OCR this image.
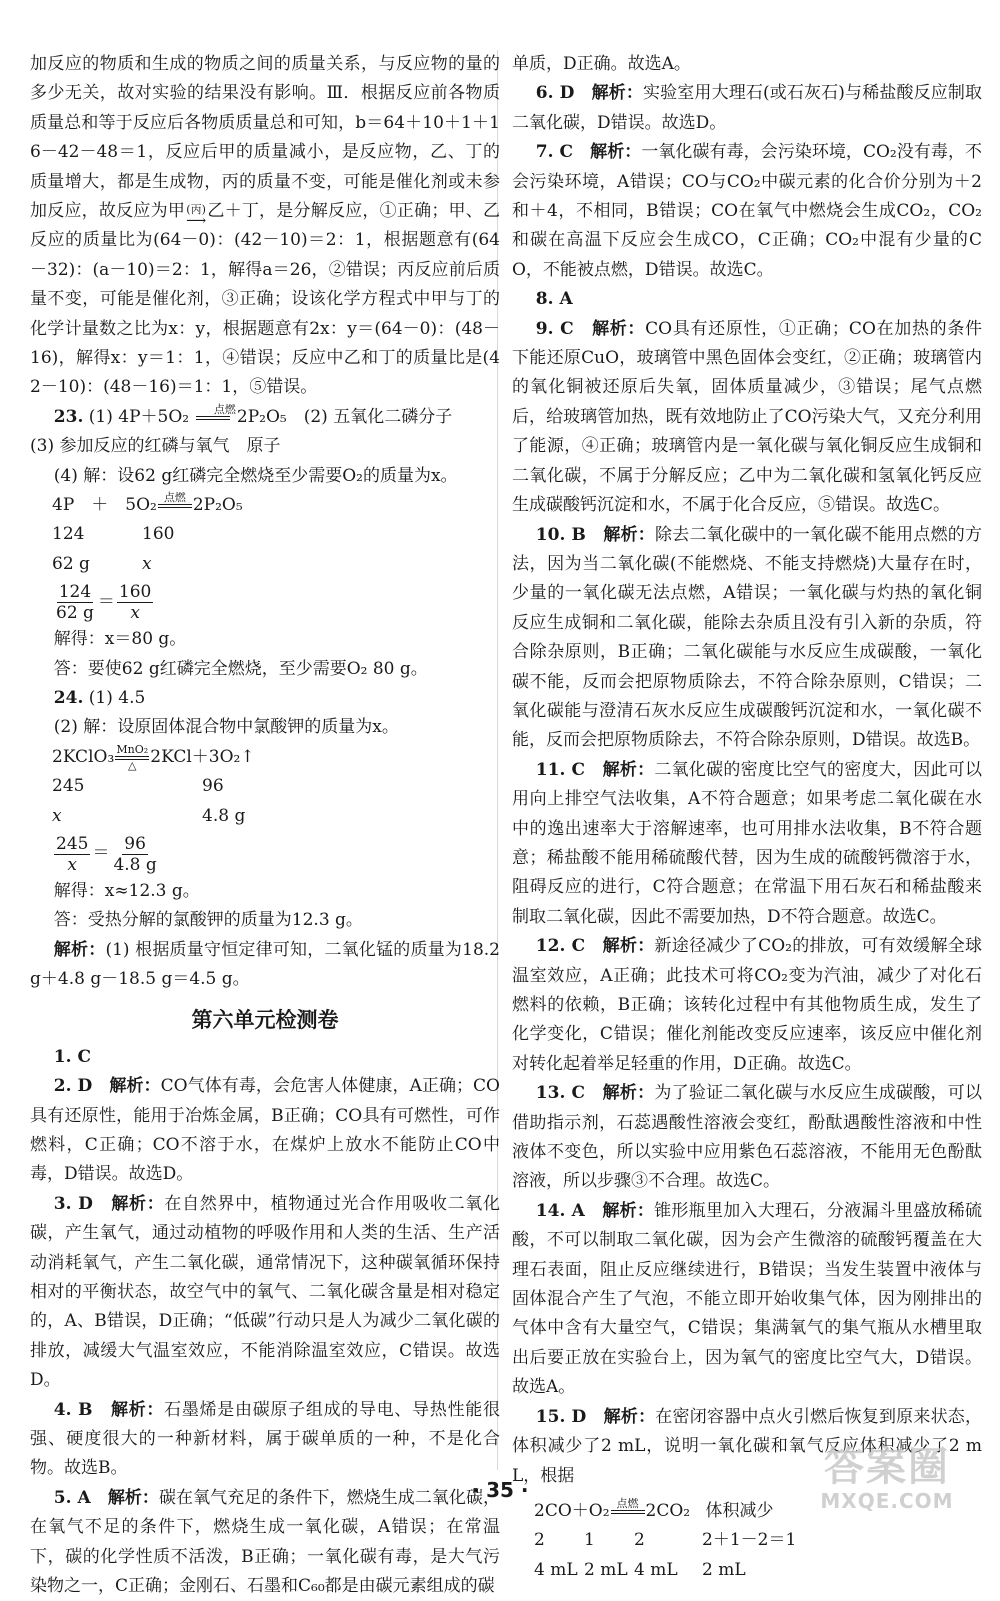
加反应的物质和生成的物质之间的质量关系，与反应物的量的多少无关，故对实验的结果没有影响。Ⅲ．根据反应前各物质质量总和等于反应后各物质质量总和可知，b＝64＋10＋1＋16－42－48＝1，反应后甲的质量减小，是反应物，乙、丁的质量增大，都是生成物，丙的质量不变，可能是催化剂或未参加反应，故反应为甲 (丙)
⟶
乙＋丁，是分解反应，①正确；甲、乙反应的质量比为(64－0)：(42－10)＝2：1，根据题意有(64－32)：(a－10)＝2：1，解得a＝26，②错误；丙反应前后质量不变，可能是催化剂，③正确；设该化学方程式中甲与丁的化学计量数之比为x：y，根据题意有2x：y＝(64－0)：(48－16)，解得x：y＝1：1，④错误；反应中乙和丁的质量比是(42－10)：(48－16)＝1：1，⑤错误。

23. (1) 4P＋5O₂	点燃
2P₂O₅　(2) 五氧化二磷分子

(3) 参加反应的红磷与氧气　原子

(4) 解：设62 g红磷完全燃烧至少需要O₂的质量为x。

4P　＋　5O₂ 点燃
2P₂O₅
124	160
62 g	x
$\frac{124}{62 g} = \frac{160}{x}$

解得：x＝80 g。

答：要使62 g红磷完全燃烧，至少需要O₂ 80 g。

24. (1) 4.5

(2) 解：设原固体混合物中氯酸钾的质量为x。

2KClO₃ MnO₂
△ 2KCl＋3O₂↑
245	96
x	4.8 g
$\frac{245}{x} = \frac{96}{4.8 g}$

解得：x≈12.3 g。

答：受热分解的氯酸钾的质量为12.3 g。

解析：(1) 根据质量守恒定律可知，二氧化锰的质量为18.2 g＋4.8 g－18.5 g＝4.5 g。

第六单元检测卷

1. C

2. D　 解析：CO气体有毒，会危害人体健康，A正确；CO具有还原性，能用于冶炼金属，B正确；CO具有可燃性，可作燃料，C正确；CO不溶于水，在煤炉上放水不能防止CO中毒，D错误。故选D。

3. D　 解析：在自然界中，植物通过光合作用吸收二氧化碳，产生氧气，通过动植物的呼吸作用和人类的生活、生产活动消耗氧气，产生二氧化碳，通常情况下，这种碳氧循环保持相对的平衡状态，故空气中的氧气、二氧化碳含量是相对稳定的，A、B错误，D正确；“低碳”行动只是人为减少二氧化碳的排放，减缓大气温室效应，不能消除温室效应，C错误。故选D。

4. B　 解析：石墨烯是由碳原子组成的导电、导热性能很强、硬度很大的一种新材料，属于碳单质的一种，不是化合物。故选B。

5. A　 解析：碳在氧气充足的条件下，燃烧生成二氧化碳，在氧气不足的条件下，燃烧生成一氧化碳，A错误；在常温下，碳的化学性质不活泼，B正确；一氧化碳有毒，是大气污染物之一，C正确；金刚石、石墨和C₆₀都是由碳元素组成的碳

单质，D正确。故选A。

6. D　 解析：实验室用大理石(或石灰石)与稀盐酸反应制取二氧化碳，D错误。故选D。

7. C　 解析：一氧化碳有毒，会污染环境，CO₂没有毒，不会污染环境，A错误；CO与CO₂中碳元素的化合价分别为＋2和＋4，不相同，B错误；CO在氧气中燃烧会生成CO₂，CO₂和碳在高温下反应会生成CO，C正确；CO₂中混有少量的CO，不能被点燃，D错误。故选C。

8. A

9. C　 解析：CO具有还原性，①正确；CO在加热的条件下能还原CuO，玻璃管中黑色固体会变红，②正确；玻璃管内的氧化铜被还原后失氧，固体质量减少，③错误；尾气点燃后，给玻璃管加热，既有效地防止了CO污染大气，又充分利用了能源，④正确；玻璃管内是一氧化碳与氧化铜反应生成铜和二氧化碳，不属于分解反应；乙中为二氧化碳和氢氧化钙反应生成碳酸钙沉淀和水，不属于化合反应，⑤错误。故选C。

10. B　 解析：除去二氧化碳中的一氧化碳不能用点燃的方法，因为当二氧化碳(不能燃烧、不能支持燃烧)大量存在时，少量的一氧化碳无法点燃，A错误；一氧化碳与灼热的氧化铜反应生成铜和二氧化碳，能除去杂质且没有引入新的杂质，符合除杂原则，B正确；二氧化碳能与水反应生成碳酸，一氧化碳不能，反而会把原物质除去，不符合除杂原则，C错误；二氧化碳能与澄清石灰水反应生成碳酸钙沉淀和水，一氧化碳不能，反而会把原物质除去，不符合除杂原则，D错误。故选B。

11. C　 解析：二氧化碳的密度比空气的密度大，因此可以用向上排空气法收集，A不符合题意；如果考虑二氧化碳在水中的逸出速率大于溶解速率，也可用排水法收集，B不符合题意；稀盐酸不能用稀硫酸代替，因为生成的硫酸钙微溶于水，阻碍反应的进行，C符合题意；在常温下用石灰石和稀盐酸来制取二氧化碳，因此不需要加热，D不符合题意。故选C。

12. C　 解析：新途径减少了CO₂的排放，可有效缓解全球温室效应，A正确；此技术可将CO₂变为汽油，减少了对化石燃料的依赖，B正确；该转化过程中有其他物质生成，发生了化学变化，C错误；催化剂能改变反应速率，该反应中催化剂对转化起着举足轻重的作用，D正确。故选C。

13. C　 解析：为了验证二氧化碳与水反应生成碳酸，可以借助指示剂，石蕊遇酸性溶液会变红，酚酞遇酸性溶液和中性液体不变色，所以实验中应用紫色石蕊溶液，不能用无色酚酞溶液，所以步骤③不合理。故选C。

14. A　 解析：锥形瓶里加入大理石，分液漏斗里盛放稀硫酸，不可以制取二氧化碳，因为会产生微溶的硫酸钙覆盖在大理石表面，阻止反应继续进行，B错误；当发生装置中液体与固体混合产生了气泡，不能立即开始收集气体，因为刚排出的气体中含有大量空气，C错误；集满氧气的集气瓶从水槽里取出后要正放在实验台上，因为氧气的密度比空气大，D错误。故选A。

15. D　 解析：在密闭容器中点火引燃后恢复到原来状态，体积减少了2 mL，说明一氧化碳和氧气反应体积减少了2 mL，根据

2CO＋O₂ 点燃
2CO₂ 体积减少
2	1	2	2＋1－2＝1
4 mL 2 mL 4 mL	2 mL
· 35 ·	答案圈
MXQE.COM
